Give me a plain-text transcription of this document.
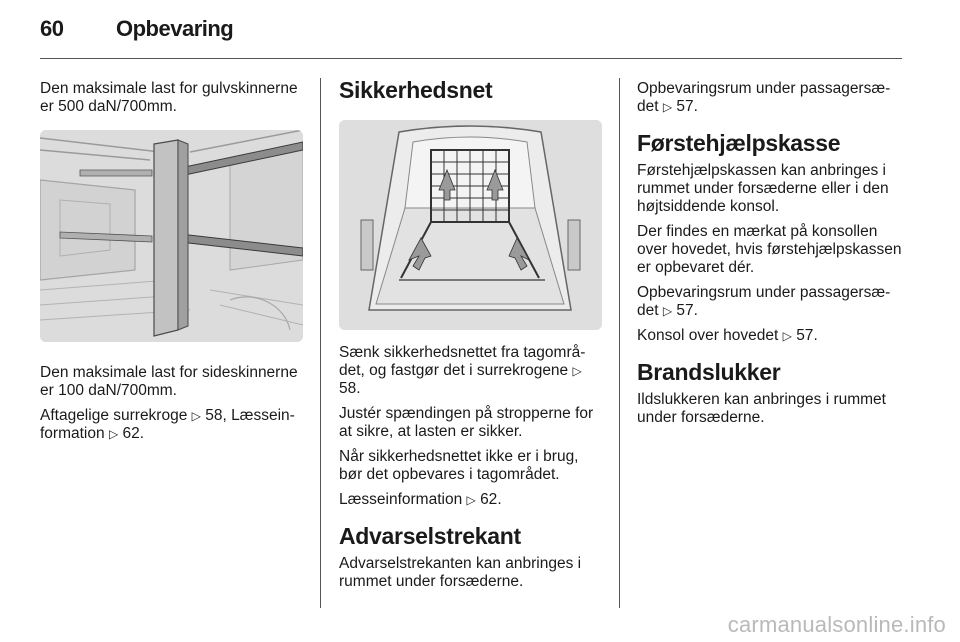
60 Opbevaring

Den maksimale last for gulvskinnerne er 500 daN/700mm.

Den maksimale last for sideskinnerne er 100 daN/700mm.

Aftagelige surrekroge ▷ 58, Læsseinformation ▷ 62.

Sikkerhedsnet

Sænk sikkerhedsnettet fra tagområdet, og fastgør det i surrekrogene ▷ 58.

Justér spændingen på stropperne for at sikre, at lasten er sikker.

Når sikkerhedsnettet ikke er i brug, bør det opbevares i tagområdet.

Læsseinformation ▷ 62.

Advarselstrekant

Advarselstrekanten kan anbringes i rummet under forsæderne.

Opbevaringsrum under passagersædet ▷ 57.

Førstehjælpskasse

Førstehjælpskassen kan anbringes i rummet under forsæderne eller i den højtsiddende konsol.

Der findes en mærkat på konsollen over hovedet, hvis førstehjælpskassen er opbevaret dér.

Opbevaringsrum under passagersædet ▷ 57.

Konsol over hovedet ▷ 57.

Brandslukker

Ildslukkeren kan anbringes i rummet under forsæderne.

carmanualsonline.info
